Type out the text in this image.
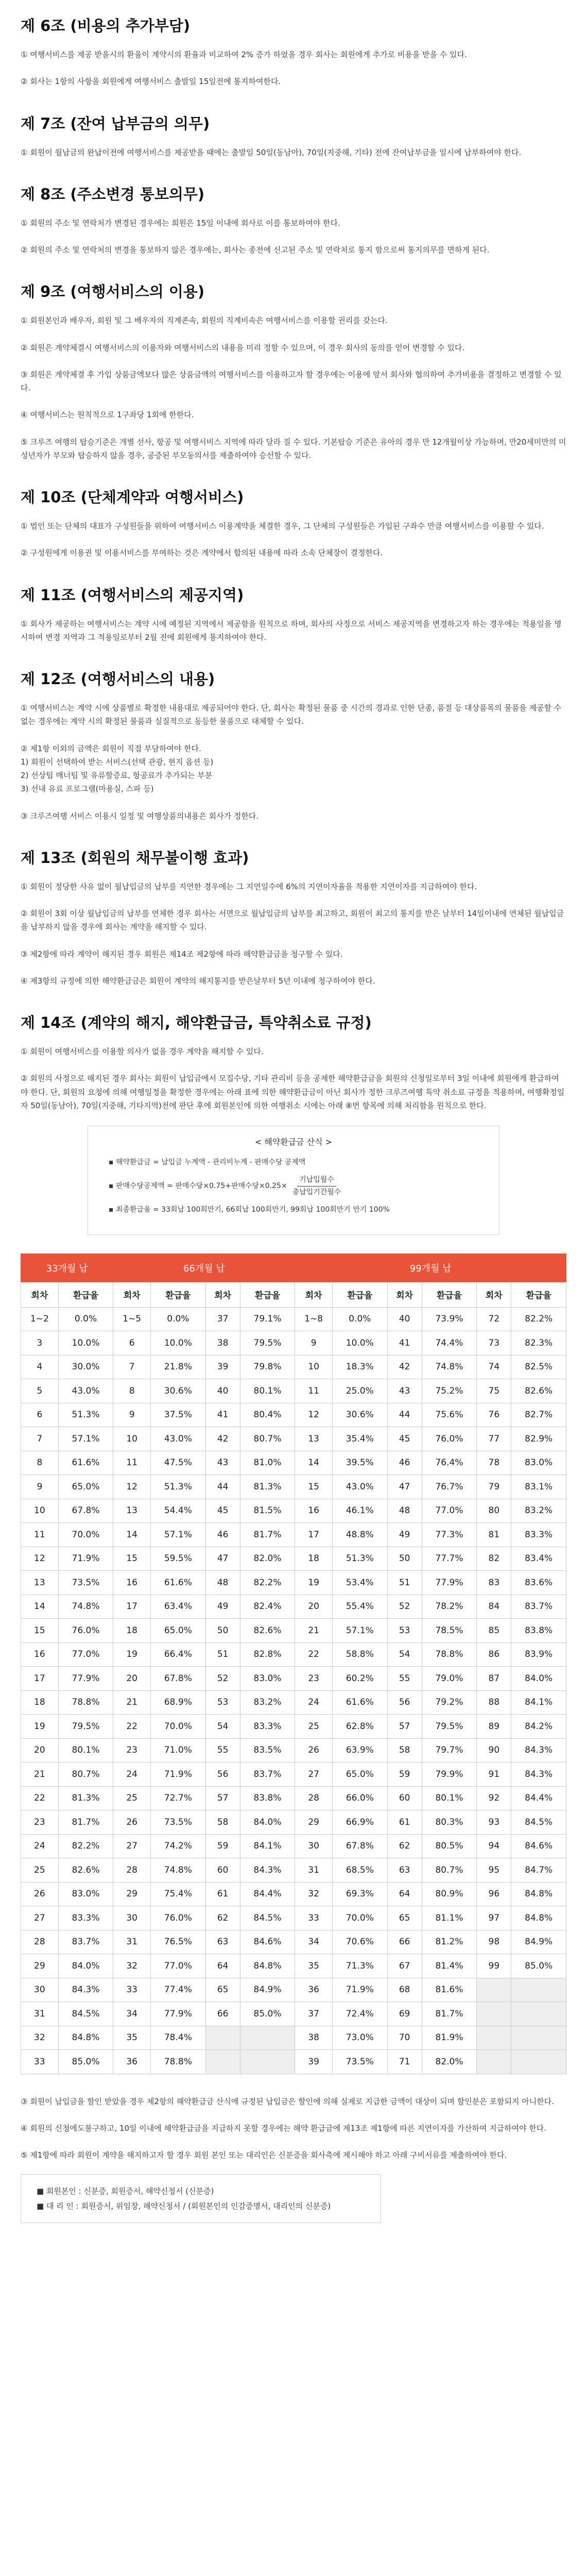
제 6조 (비용의 추가부담)

① 여행서비스를 제공 받을시의 환율이 계약시의 환율과 비교하여 2% 증가 하였을 경우 회사는 회원에게 추가로 비용을 받을 수 있다.

② 회사는 1항의 사항을 회원에게 여행서비스 출발일 15일전에 통지하여한다.

제 7조 (잔여 납부금의 의무)

① 회원이 월납금의 완납이전에 여행서비스를 제공받을 때에는 출발일 50일(동남아), 70일(지중해, 기타) 전에 잔여납부금을 일시에 납부하여야 한다.

제 8조 (주소변경 통보의무)

① 회원의 주소 및 연락처가 변경된 경우에는 회원은 15일 이내에 회사로 이를 통보하여야 한다.

② 회원의 주소 및 연락처의 변경을 통보하지 않은 경우에는, 회사는 종전에 신고된 주소 및 연락처로 통지 함으로써 통지의무를 면하게 된다.

제 9조 (여행서비스의 이용)

① 회원본인과 배우자, 회원 및 그 배우자의 직계존속, 회원의 직계비속은 여행서비스를 이용할 권리를 갖는다.

② 회원은 계약체결시 여행서비스의 이용자와 여행서비스의 내용을 미리 정할 수 있으며, 이 경우 회사의 동의를 얻어 변경할 수 있다.

③ 회원은 계약체결 후 가입 상품금액보다 많은 상품금액의 여행서비스를 이용하고자 할 경우에는 이용에 앞서 회사와 협의하여 추가비용을 결정하고 변경할 수 있다.

④ 여행서비스는 원칙적으로 1구좌당 1회에 한한다.

⑤ 크루즈 여행의 탑승기준은 개별 선사, 항공 및 여행서비스 지역에 따라 달라 질 수 있다. 기본탑승 기준은 유아의 경우 만 12개월이상 가능하며, 만20세미만의 미성년자가 부모와 탑승하지 않을 경우, 공증된 부모동의서를 제출하여야 승선할 수 있다.

제 10조 (단체계약과 여행서비스)

① 법인 또는 단체의 대표가 구성원들을 위하여 여행서비스 이용계약을 체결한 경우, 그 단체의 구성원들은 가입된 구좌수 만큼 여행서비스를 이용할 수 있다.

② 구성원에게 이용권 및 이용서비스를 부여하는 것은 계약에서 합의된 내용에 따라 소속 단체장이 결정한다.

제 11조 (여행서비스의 제공지역)

① 회사가 제공하는 여행서비스는 계약 시에 예정된 지역에서 제공함을 원칙으로 하며, 회사의 사정으로 서비스 제공지역을 변경하고자 하는 경우에는 적용일을 명시하여 변경 지역과 그 적용일로부터 2월 전에 회원에게 통지하여야 한다.

제 12조 (여행서비스의 내용)

① 여행서비스는 계약 시에 상품별로 확정한 내용대로 제공되어야 한다. 단, 회사는 확정된 물품 중 시간의 경과로 인한 단종, 품절 등 대상품목의 물품을 제공할 수 없는 경우에는 계약 시의 확정된 물품과 실질적으로 동등한 물품으로 대체할 수 있다.

② 제1항 이외의 금액은 회원이 직접 부담하여야 한다.

1) 회원이 선택하여 받는 서비스(선택 관광, 현지 옵션 등)

2) 선상팁 매너팁 및 유류할증료, 항공료가 추가되는 부분

3) 선내 유료 프로그램(마용실, 스파 등)

③ 크루즈여행 서비스 이용시 일정 및 여행상품의내용은 회사가 정한다.

제 13조 (회원의 채무불이행 효과)

① 회원이 정당한 사유 없이 월납입금의 납부를 지연한 경우에는 그 지연일수에 6%의 지연이자율을 적용한 지연이자를 지급하여야 한다.

② 회원이 3회 이상 월납입금의 납부를 연체한 경우 회사는 서면으로 월납입금의 납부를 최고하고, 회원이 최고의 통지를 받은 날부터 14일이내에 연체된 월납입금을 납부하지 않을 경우에 회사는 계약을 해지할 수 있다.

③ 제2항에 따라 계약이 해지된 경우 회원은 제14조 제2항에 따라 해약환급금을 청구할 수 있다.

④ 제3항의 규정에 의한 해약환급금은 회원이 계약의 해지통지를 받은날부터 5년 이내에 청구하여야 한다.

제 14조 (계약의 해지, 해약환급금, 특약취소료 규정)

① 회원이 여행서비스를 이용할 의사가 없을 경우 계약을 해지할 수 있다.

② 회원의 사정으로 해지된 경우 회사는 회원이 납입금에서 모집수당, 기타 관리비 등을 공제한 해약환급금을 회원의 신청일로부터 3일 이내에 회원에게 환급하여야 한다. 단, 회원의 요청에 의해 여행일정을 확정한 경우에는 아래 표에 의한 해약환급금이 아닌 회사가 정한 크루즈여행 특약 취소료 규정을 적용하며, 여행확정일자 50일(동남아), 70일(지중해, 기타지역)전에 판단 후에 회원본인에 의한 여행취소 시에는 아래 ⑧번 항목에 의해 처리함을 원칙으로 한다.

< 해약환급금 산식 >
▪ 해약환급금 = 납입금 누계액 - 관리비누계 - 판매수당 공제액
▪ 판매수당공제액 = 판매수당×0.75+판매수당$\times 0.25\times \frac{\text{기납입월수}}{\text{총납입기간월수}}$
▪ 최종환급율 = 33회납 100회만기, 66회납 100회만기, 99회납 100회만기 만기 100%
33개월 납		66개월 납				99개월 납					
회차	환급율	회차	환급율	회차	환급율	회차	환급율	회차	환급율	회차	환급율
1~2	0.0%	1~5	0.0%	37	79.1%	1~8	0.0%	40	73.9%	72	82.2%
3	10.0%	6	10.0%	38	79.5%	9	10.0%	41	74.4%	73	82.3%
4	30.0%	7	21.8%	39	79.8%	10	18.3%	42	74.8%	74	82.5%
5	43.0%	8	30.6%	40	80.1%	11	25.0%	43	75.2%	75	82.6%
6	51.3%	9	37.5%	41	80.4%	12	30.6%	44	75.6%	76	82.7%
7	57.1%	10	43.0%	42	80.7%	13	35.4%	45	76.0%	77	82.9%
8	61.6%	11	47.5%	43	81.0%	14	39.5%	46	76.4%	78	83.0%
9	65.0%	12	51.3%	44	81.3%	15	43.0%	47	76.7%	79	83.1%
10	67.8%	13	54.4%	45	81.5%	16	46.1%	48	77.0%	80	83.2%
11	70.0%	14	57.1%	46	81.7%	17	48.8%	49	77.3%	81	83.3%
12	71.9%	15	59.5%	47	82.0%	18	51.3%	50	77.7%	82	83.4%
13	73.5%	16	61.6%	48	82.2%	19	53.4%	51	77.9%	83	83.6%
14	74.8%	17	63.4%	49	82.4%	20	55.4%	52	78.2%	84	83.7%
15	76.0%	18	65.0%	50	82.6%	21	57.1%	53	78.5%	85	83.8%
16	77.0%	19	66.4%	51	82.8%	22	58.8%	54	78.8%	86	83.9%
17	77.9%	20	67.8%	52	83.0%	23	60.2%	55	79.0%	87	84.0%
18	78.8%	21	68.9%	53	83.2%	24	61.6%	56	79.2%	88	84.1%
19	79.5%	22	70.0%	54	83.3%	25	62.8%	57	79.5%	89	84.2%
20	80.1%	23	71.0%	55	83.5%	26	63.9%	58	79.7%	90	84.3%
21	80.7%	24	71.9%	56	83.7%	27	65.0%	59	79.9%	91	84.3%
22	81.3%	25	72.7%	57	83.8%	28	66.0%	60	80.1%	92	84.4%
23	81.7%	26	73.5%	58	84.0%	29	66.9%	61	80.3%	93	84.5%
24	82.2%	27	74.2%	59	84.1%	30	67.8%	62	80.5%	94	84.6%
25	82.6%	28	74.8%	60	84.3%	31	68.5%	63	80.7%	95	84.7%
26	83.0%	29	75.4%	61	84.4%	32	69.3%	64	80.9%	96	84.8%
27	83.3%	30	76.0%	62	84.5%	33	70.0%	65	81.1%	97	84.8%
28	83.7%	31	76.5%	63	84.6%	34	70.6%	66	81.2%	98	84.9%
29	84.0%	32	77.0%	64	84.8%	35	71.3%	67	81.4%	99	85.0%
30	84.3%	33	77.4%	65	84.9%	36	71.9%	68	81.6%		
31	84.5%	34	77.9%	66	85.0%	37	72.4%	69	81.7%		
32	84.8%	35	78.4%			38	73.0%	70	81.9%		
33	85.0%	36	78.8%			39	73.5%	71	82.0%		

③ 회원이 납입금을 할인 받았을 경우 제2항의 해약환급금 산식에 규정된 납입금은 할인에 의해 실제로 지급한 금액이 대상이 되며 할인분은 포함되지 아니한다.

④ 회원의 신청에도불구하고, 10일 이내에 해약환급금을 지급하지 못할 경우에는 해약 환급금에 제13조 제1항에 따른 지연이자를 가산하여 지급하여야 한다.

⑤ 제1항에 따라 회원이 계약을 해지하고자 할 경우 회원 본인 또는 대리인은 신분증을 회사측에 제시해야 하고 아래 구비서류를 제출하여야 한다.

■ 회원본인 : 신분증, 회원증서, 해약신청서 (신분증)
■ 대 리 인 : 회원증서, 위임장, 해약신청서 / (회원본인의 인감증명서, 대리인의 신분증)
